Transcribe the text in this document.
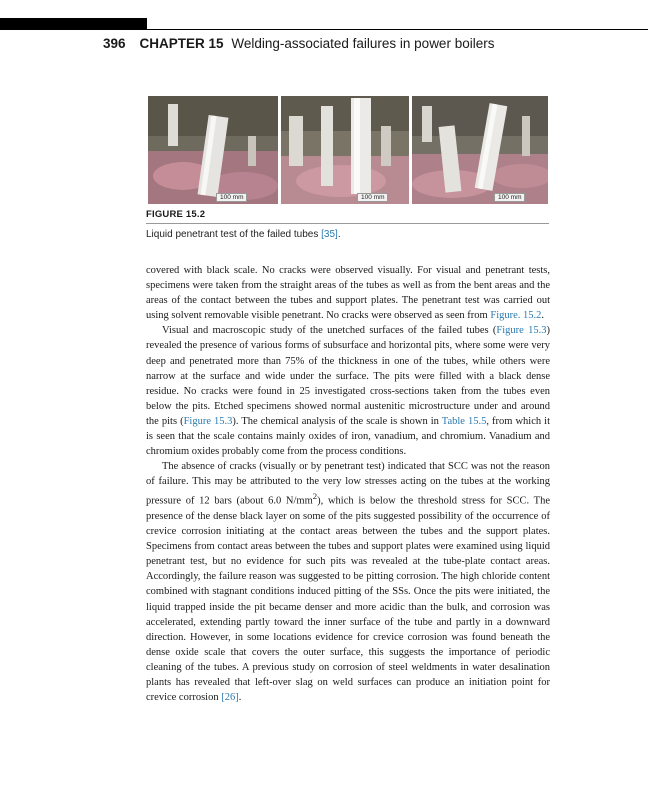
396 CHAPTER 15 Welding-associated failures in power boilers
100 mm	100 mm	100 mm
FIGURE 15.2
Liquid penetrant test of the failed tubes [35].

covered with black scale. No cracks were observed visually. For visual and penetrant tests, specimens were taken from the straight areas of the tubes as well as from the bent areas and the areas of the contact between the tubes and support plates. The penetrant test was carried out using solvent removable visible penetrant. No cracks were observed as seen from Figure. 15.2.

Visual and macroscopic study of the unetched surfaces of the failed tubes (Figure 15.3) revealed the presence of various forms of subsurface and horizontal pits, where some were very deep and penetrated more than 75% of the thickness in one of the tubes, while others were narrow at the surface and wide under the surface. The pits were filled with a black dense residue. No cracks were found in 25 investigated cross-sections taken from the tubes even below the pits. Etched specimens showed normal austenitic microstructure under and around the pits (Figure 15.3). The chemical analysis of the scale is shown in Table 15.5, from which it is seen that the scale contains mainly oxides of iron, vanadium, and chromium. Vanadium and chromium oxides probably come from the process conditions.

The absence of cracks (visually or by penetrant test) indicated that SCC was not the reason of failure. This may be attributed to the very low stresses acting on the tubes at the working pressure of 12 bars (about 6.0 $N/mm^2$), which is below the threshold stress for SCC. The presence of the dense black layer on some of the pits suggested possibility of the occurrence of crevice corrosion initiating at the contact areas between the tubes and the support plates. Specimens from contact areas between the tubes and support plates were examined using liquid penetrant test, but no evidence for such pits was revealed at the tube-plate contact areas. Accordingly, the failure reason was suggested to be pitting corrosion. The high chloride content combined with stagnant conditions induced pitting of the SSs. Once the pits were initiated, the liquid trapped inside the pit became denser and more acidic than the bulk, and corrosion was accelerated, extending partly toward the inner surface of the tube and partly in a downward direction. However, in some locations evidence for crevice corrosion was found beneath the dense oxide scale that covers the outer surface, this suggests the importance of periodic cleaning of the tubes. A previous study on corrosion of steel weldments in water desalination plants has revealed that left-over slag on weld surfaces can produce an initiation point for crevice corrosion [26].
